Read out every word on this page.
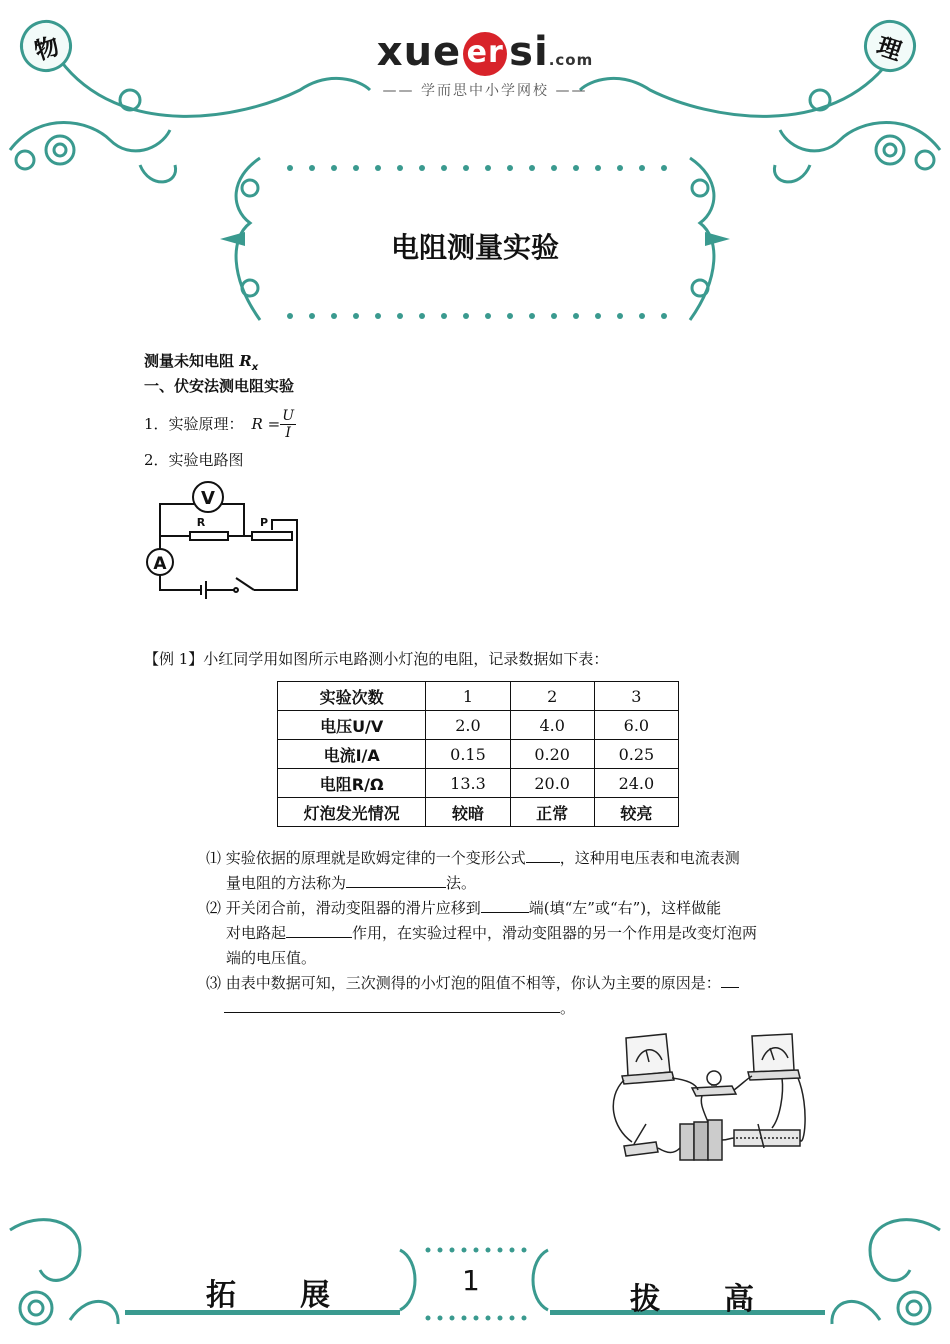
物	理
xue er si.com
—— 学而思中小学网校 ——
电阻测量实验
测量未知电阻 $R_x$
一、伏安法测电阻实验
1．实验原理： $R = \frac{U}{I}$
2．实验电路图
V
A
R	P
【例 1】小红同学用如图所示电路测小灯泡的电阻，记录数据如下表：
实验次数	1	2	3
电压U/V	2.0	4.0	6.0
电流I/A	0.15	0.20	0.25
电阻R/Ω	13.3	20.0	24.0
灯泡发光情况	较暗	正常	较亮
⑴ 实验依据的原理就是欧姆定律的一个变形公式 ，这种用电压表和电流表测
量电阻的方法称为	法。
⑵ 开关闭合前，滑动变阻器的滑片应移到	端(填“左”或“右”)，这样做能
对电路起	作用，在实验过程中，滑动变阻器的另一个作用是改变灯泡两
端的电压值。
⑶ 由表中数据可知，三次测得的小灯泡的阻值不相等，你认为主要的原因是：
。
拓 展	1
拔 高
